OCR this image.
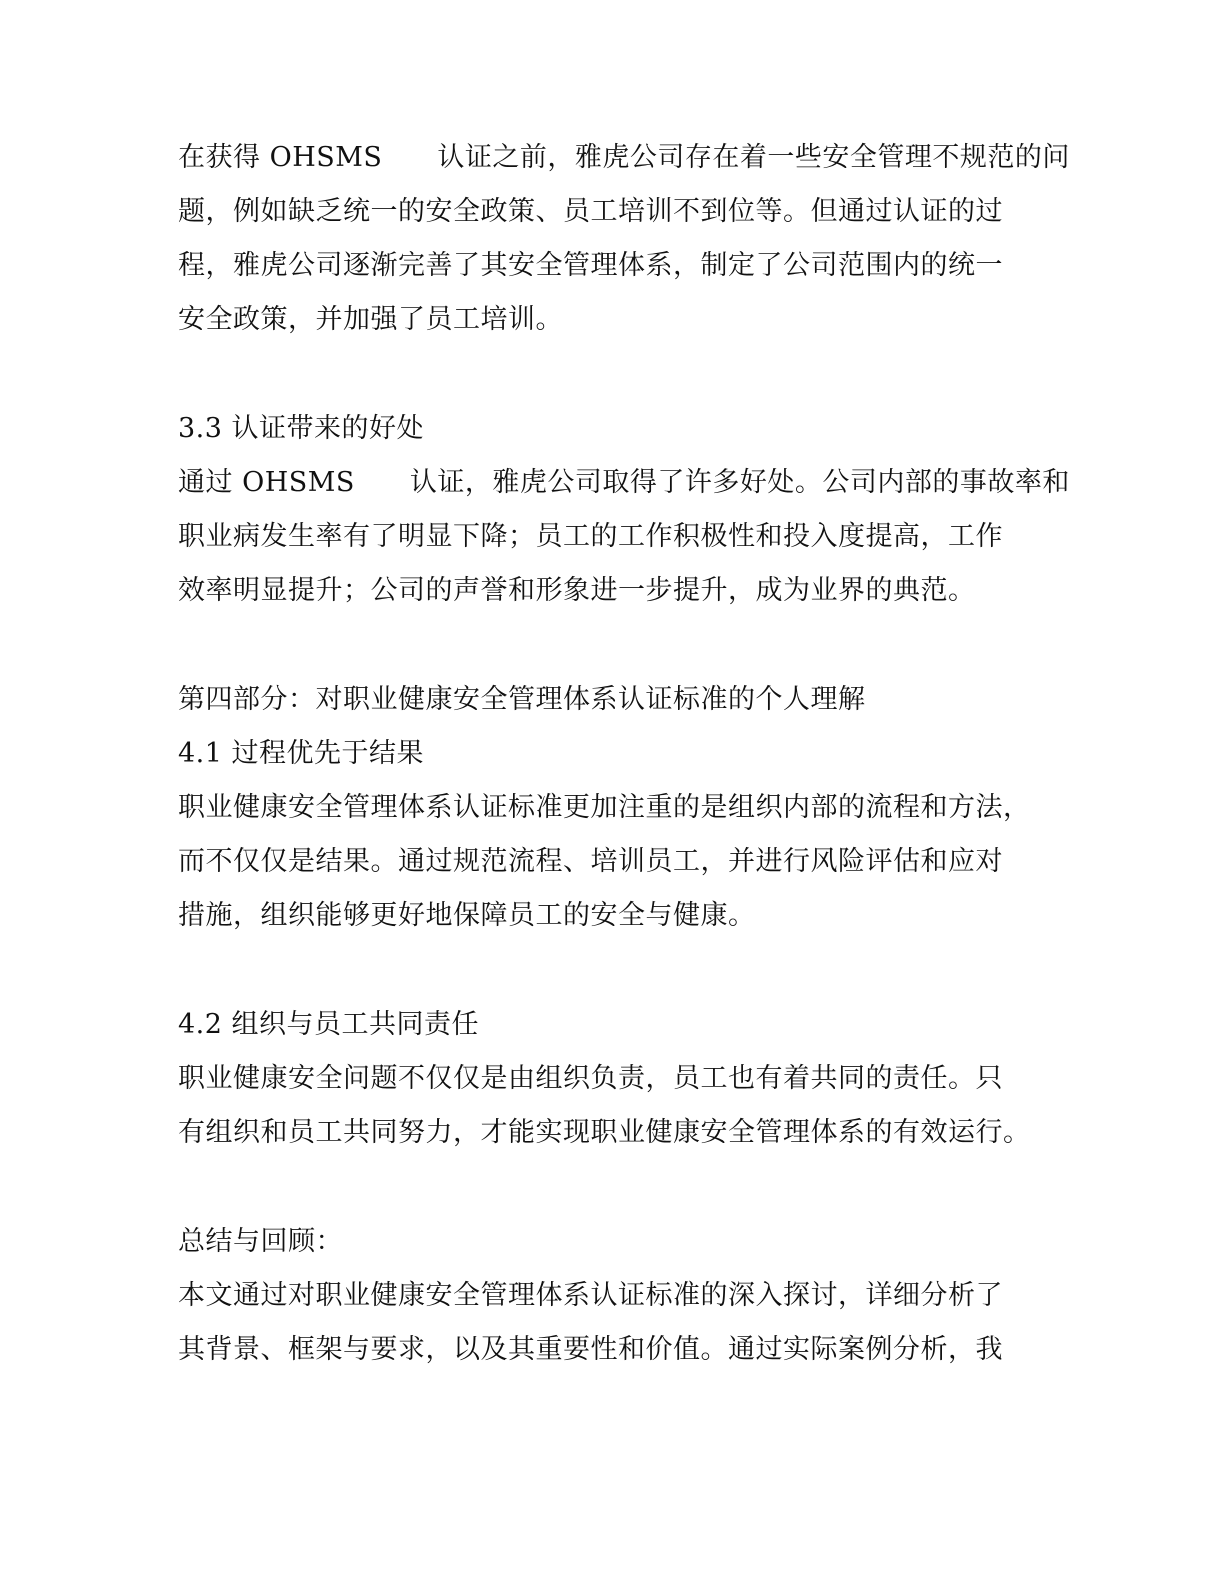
在获得 OHSMS　　认证之前，雅虎公司存在着一些安全管理不规范的问
题，例如缺乏统一的安全政策、员工培训不到位等。但通过认证的过
程，雅虎公司逐渐完善了其安全管理体系，制定了公司范围内的统一
安全政策，并加强了员工培训。
3.3 认证带来的好处
通过 OHSMS　　认证，雅虎公司取得了许多好处。公司内部的事故率和
职业病发生率有了明显下降；员工的工作积极性和投入度提高，工作
效率明显提升；公司的声誉和形象进一步提升，成为业界的典范。
第四部分：对职业健康安全管理体系认证标准的个人理解
4.1 过程优先于结果
职业健康安全管理体系认证标准更加注重的是组织内部的流程和方法，
而不仅仅是结果。通过规范流程、培训员工，并进行风险评估和应对
措施，组织能够更好地保障员工的安全与健康。
4.2 组织与员工共同责任
职业健康安全问题不仅仅是由组织负责，员工也有着共同的责任。只
有组织和员工共同努力，才能实现职业健康安全管理体系的有效运行。
总结与回顾：
本文通过对职业健康安全管理体系认证标准的深入探讨，详细分析了
其背景、框架与要求，以及其重要性和价值。通过实际案例分析，我
